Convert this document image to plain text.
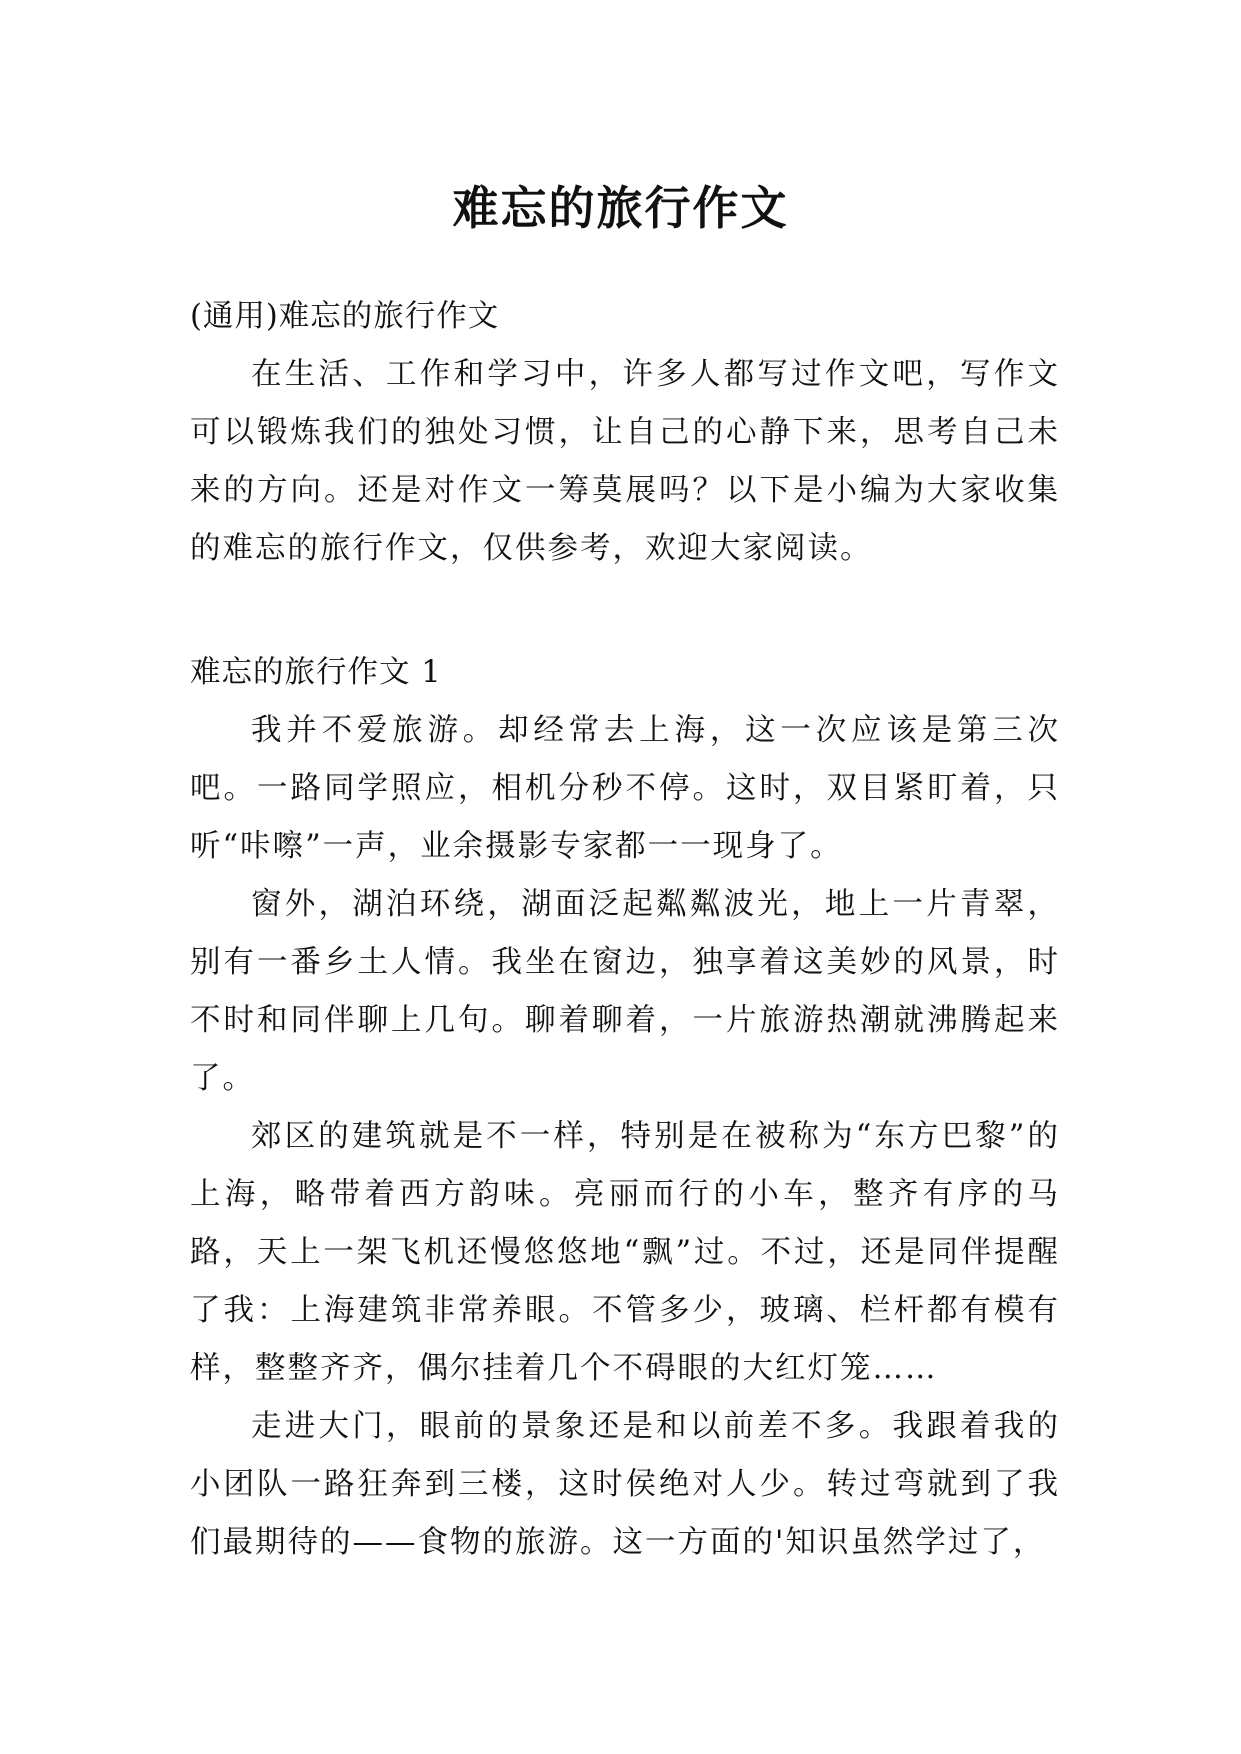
难忘的旅行作文

(通用)难忘的旅行作文

在生活、工作和学习中，许多人都写过作文吧，写作文可以锻炼我们的独处习惯，让自己的心静下来，思考自己未来的方向。还是对作文一筹莫展吗？以下是小编为大家收集的难忘的旅行作文，仅供参考，欢迎大家阅读。

难忘的旅行作文 1

我并不爱旅游。却经常去上海，这一次应该是第三次吧。一路同学照应，相机分秒不停。这时，双目紧盯着，只听“咔嚓”一声，业余摄影专家都一一现身了。

窗外，湖泊环绕，湖面泛起粼粼波光，地上一片青翠，别有一番乡土人情。我坐在窗边，独享着这美妙的风景，时不时和同伴聊上几句。聊着聊着，一片旅游热潮就沸腾起来了。

郊区的建筑就是不一样，特别是在被称为“东方巴黎”的上海，略带着西方韵味。亮丽而行的小车，整齐有序的马路，天上一架飞机还慢悠悠地“飘”过。不过，还是同伴提醒了我：上海建筑非常养眼。不管多少，玻璃、栏杆都有模有样，整整齐齐，偶尔挂着几个不碍眼的大红灯笼……

走进大门，眼前的景象还是和以前差不多。我跟着我的小团队一路狂奔到三楼，这时侯绝对人少。转过弯就到了我们最期待的——食物的旅游。这一方面的'知识虽然学过了，
